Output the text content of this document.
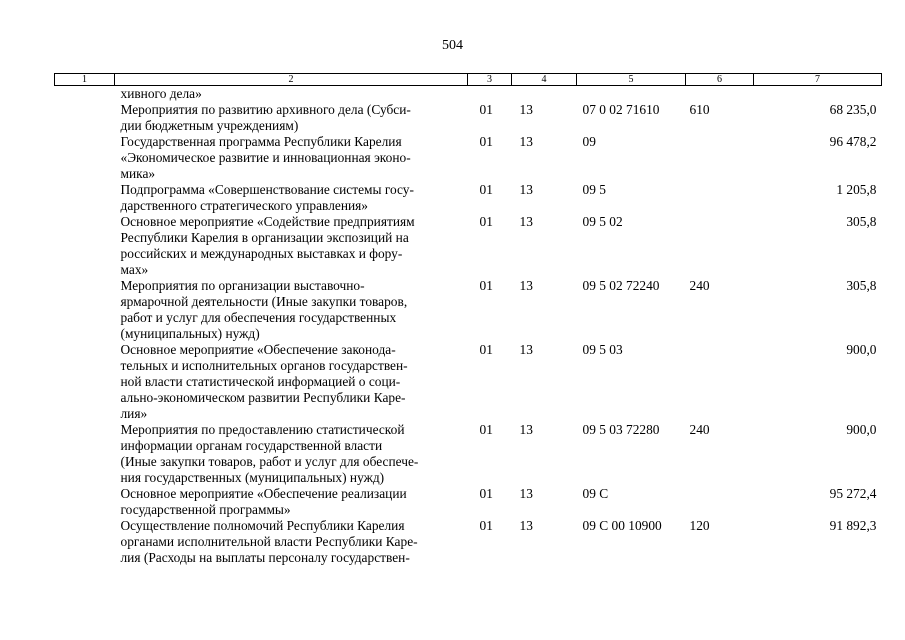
504
1	2	3	4	5	6	7
	хивного дела»					
	Мероприятия по развитию архивного дела (Субси-
дии бюджетным учреждениям)	01	13	07 0 02 71610	610	68 235,0
	Государственная программа Республики Карелия
«Экономическое развитие и инновационная эконо-
мика»	01	13	09		96 478,2
	Подпрограмма «Совершенствование системы госу-
дарственного стратегического управления»	01	13	09 5		1 205,8
	Основное мероприятие «Содействие предприятиям
Республики Карелия в организации экспозиций на
российских и международных выставках и фору-
мах»	01	13	09 5 02		305,8
	Мероприятия по организации выставочно-
ярмарочной деятельности (Иные закупки товаров,
работ и услуг для обеспечения государственных
(муниципальных) нужд)	01	13	09 5 02 72240	240	305,8
	Основное мероприятие «Обеспечение законода-
тельных и исполнительных органов государствен-
ной власти статистической информацией о соци-
ально-экономическом развитии Республики Каре-
лия»	01	13	09 5 03		900,0
	Мероприятия по предоставлению статистической
информации органам государственной власти
(Иные закупки товаров, работ и услуг для обеспече-
ния государственных (муниципальных) нужд)	01	13	09 5 03 72280	240	900,0
	Основное мероприятие «Обеспечение реализации
государственной программы»	01	13	09 С		95 272,4
	Осуществление полномочий Республики Карелия
органами исполнительной власти Республики Каре-
лия (Расходы на выплаты персоналу государствен-	01	13	09 С 00 10900	120	91 892,3
